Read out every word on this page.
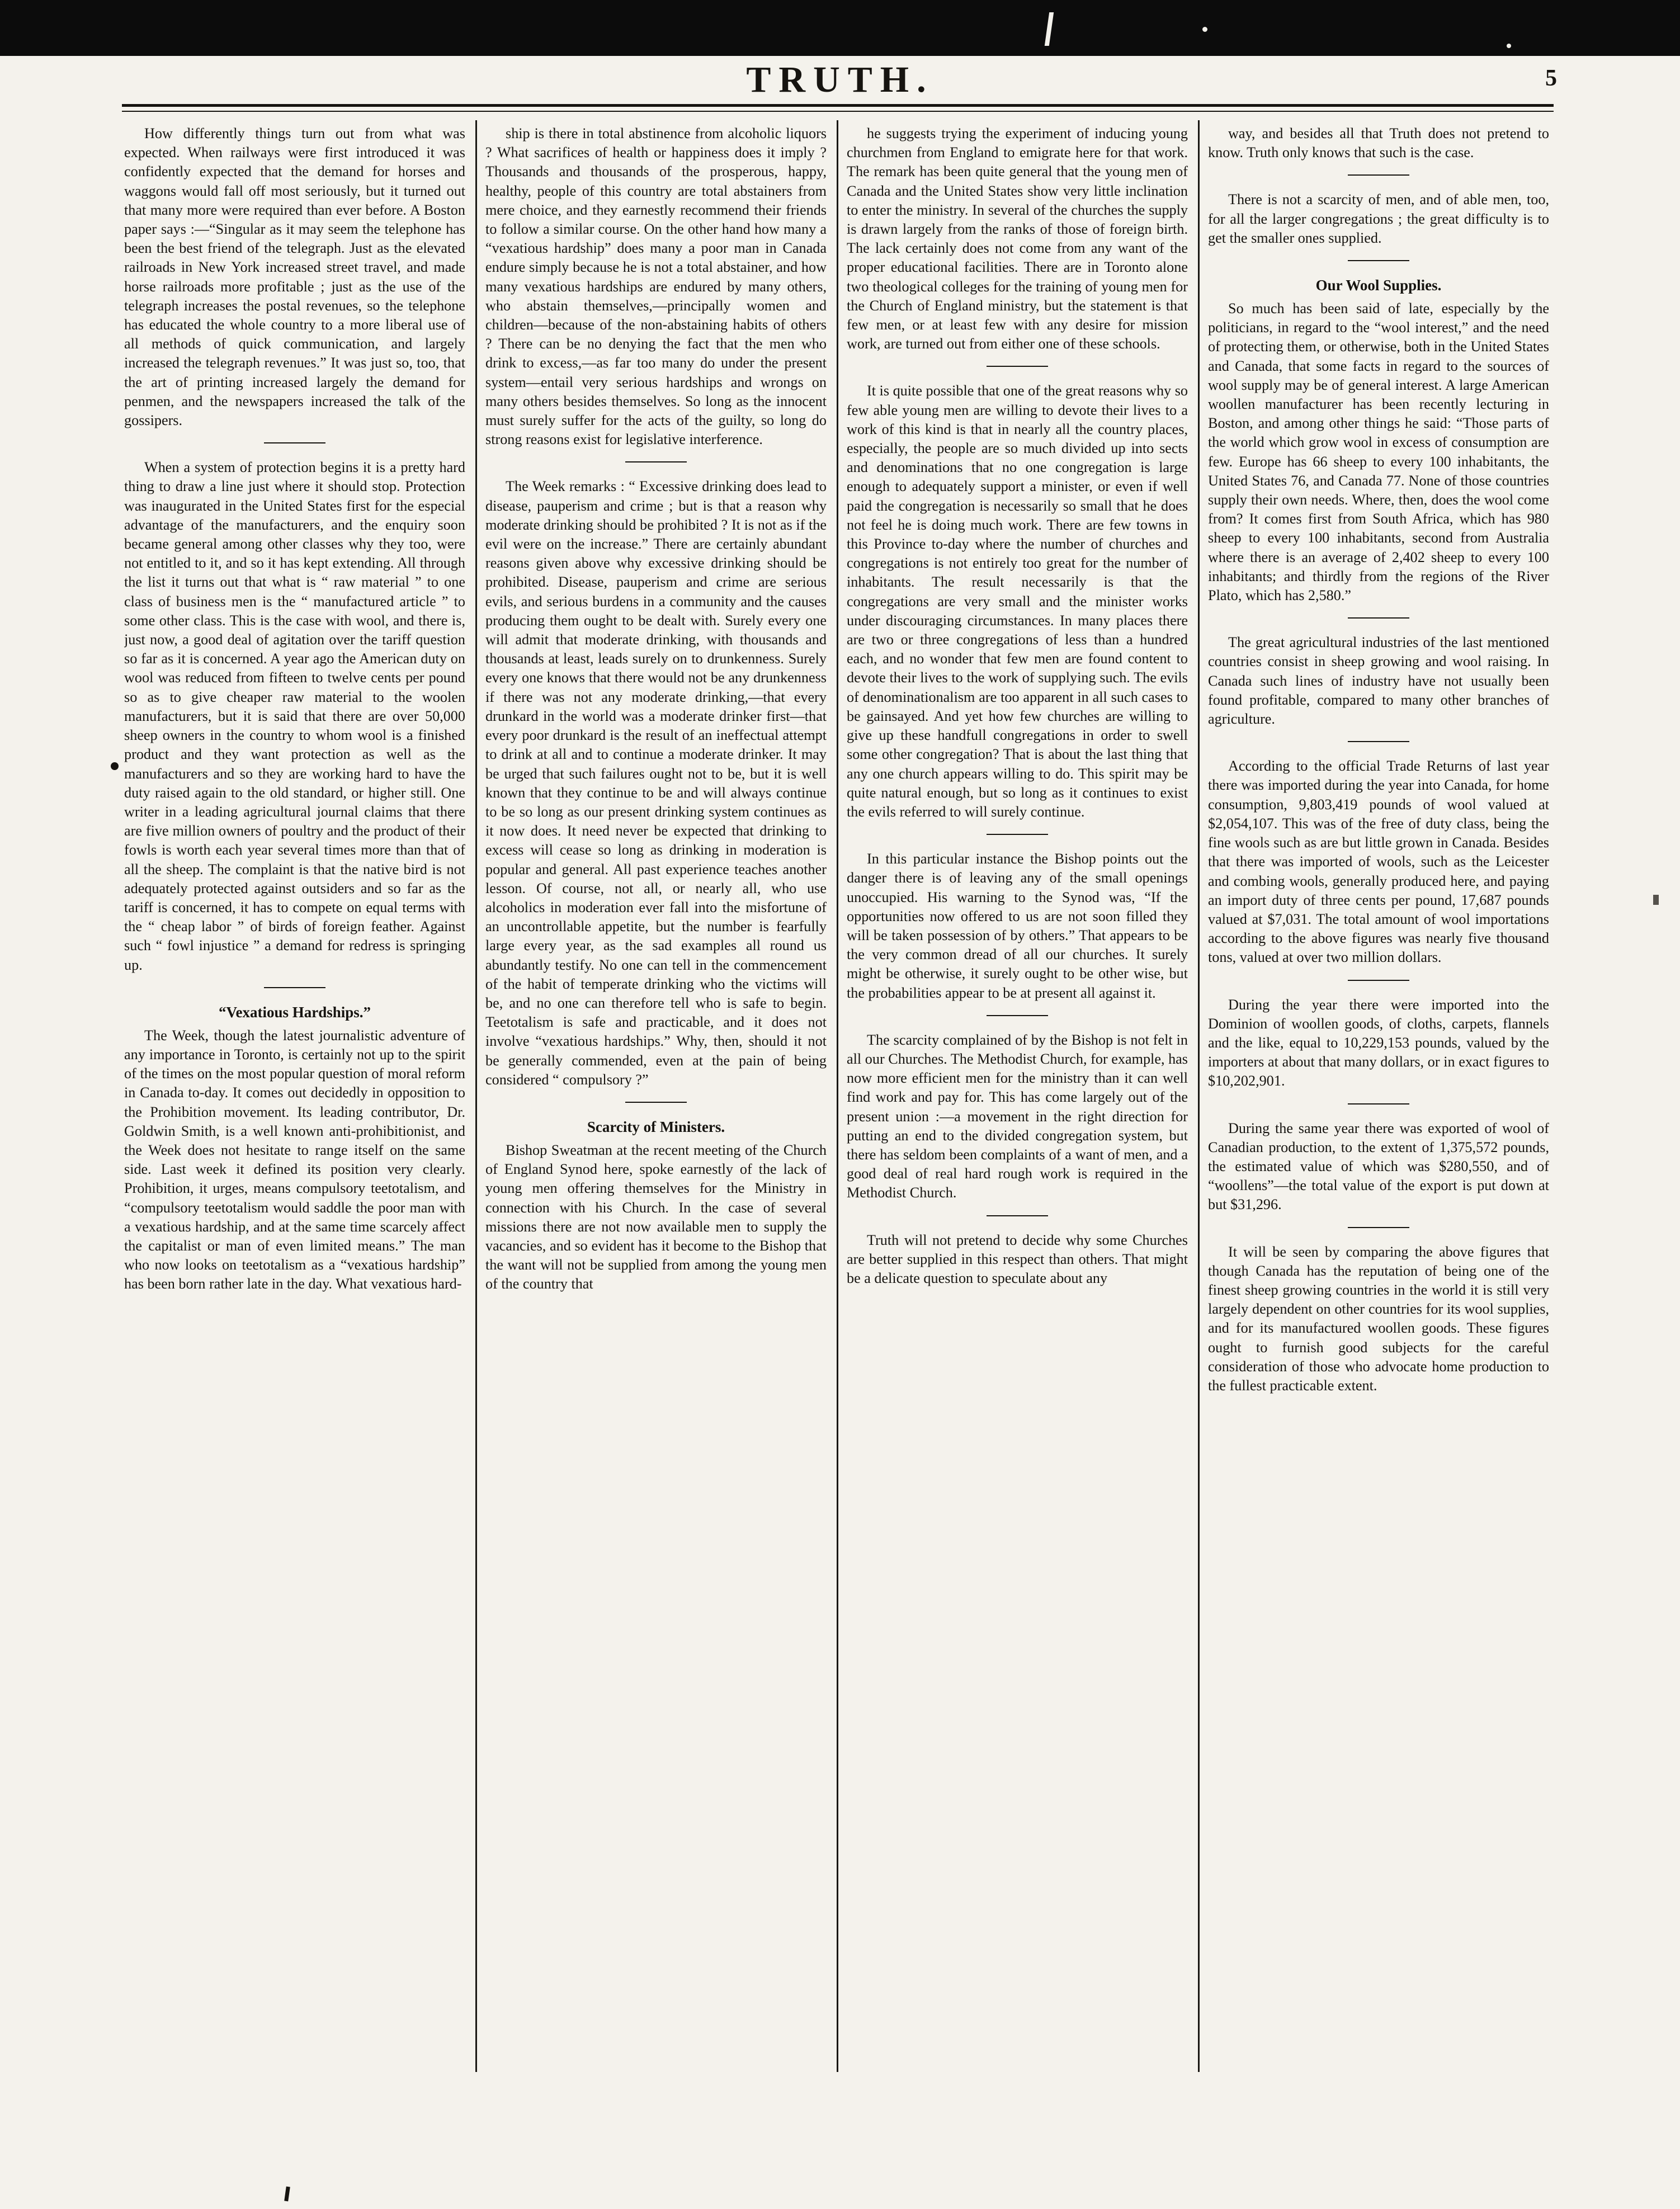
TRUTH.	5

How differently things turn out from what was expected. When railways were first introduced it was confidently expected that the demand for horses and waggons would fall off most seriously, but it turned out that many more were required than ever before. A Boston paper says :—“Singular as it may seem the telephone has been the best friend of the telegraph. Just as the elevated railroads in New York increased street travel, and made horse railroads more profitable ; just as the use of the telegraph increases the postal revenues, so the telephone has educated the whole country to a more liberal use of all methods of quick communication, and largely increased the telegraph revenues.” It was just so, too, that the art of printing increased largely the demand for penmen, and the newspapers increased the talk of the gossipers.

When a system of protection begins it is a pretty hard thing to draw a line just where it should stop. Protection was inaugurated in the United States first for the especial advantage of the manufacturers, and the enquiry soon became general among other classes why they too, were not entitled to it, and so it has kept extending. All through the list it turns out that what is “ raw material ” to one class of business men is the “ manufactured article ” to some other class. This is the case with wool, and there is, just now, a good deal of agitation over the tariff question so far as it is concerned. A year ago the American duty on wool was reduced from fifteen to twelve cents per pound so as to give cheaper raw material to the woolen manufacturers, but it is said that there are over 50,000 sheep owners in the country to whom wool is a finished product and they want protection as well as the manufacturers and so they are working hard to have the duty raised again to the old standard, or higher still. One writer in a leading agricultural journal claims that there are five million owners of poultry and the product of their fowls is worth each year several times more than that of all the sheep. The complaint is that the native bird is not adequately protected against outsiders and so far as the tariff is concerned, it has to compete on equal terms with the “ cheap labor ” of birds of foreign feather. Against such “ fowl injustice ” a demand for redress is springing up.

“Vexatious Hardships.”

The Week, though the latest journalistic adventure of any importance in Toronto, is certainly not up to the spirit of the times on the most popular question of moral reform in Canada to-day. It comes out decidedly in opposition to the Prohibition movement. Its leading contributor, Dr. Goldwin Smith, is a well known anti-prohibitionist, and the Week does not hesitate to range itself on the same side. Last week it defined its position very clearly. Prohibition, it urges, means compulsory teetotalism, and “compulsory teetotalism would saddle the poor man with a vexatious hardship, and at the same time scarcely affect the capitalist or man of even limited means.” The man who now looks on teetotalism as a “vexatious hardship” has been born rather late in the day. What vexatious hard-

ship is there in total abstinence from alcoholic liquors ? What sacrifices of health or happiness does it imply ? Thousands and thousands of the prosperous, happy, healthy, people of this country are total abstainers from mere choice, and they earnestly recommend their friends to follow a similar course. On the other hand how many a “vexatious hardship” does many a poor man in Canada endure simply because he is not a total abstainer, and how many vexatious hardships are endured by many others, who abstain themselves,—principally women and children—because of the non-abstaining habits of others ? There can be no denying the fact that the men who drink to excess,—as far too many do under the present system—entail very serious hardships and wrongs on many others besides themselves. So long as the innocent must surely suffer for the acts of the guilty, so long do strong reasons exist for legislative interference.

The Week remarks : “ Excessive drinking does lead to disease, pauperism and crime ; but is that a reason why moderate drinking should be prohibited ? It is not as if the evil were on the increase.” There are certainly abundant reasons given above why excessive drinking should be prohibited. Disease, pauperism and crime are serious evils, and serious burdens in a community and the causes producing them ought to be dealt with. Surely every one will admit that moderate drinking, with thousands and thousands at least, leads surely on to drunkenness. Surely every one knows that there would not be any drunkenness if there was not any moderate drinking,—that every drunkard in the world was a moderate drinker first—that every poor drunkard is the result of an ineffectual attempt to drink at all and to continue a moderate drinker. It may be urged that such failures ought not to be, but it is well known that they continue to be and will always continue to be so long as our present drinking system continues as it now does. It need never be expected that drinking to excess will cease so long as drinking in moderation is popular and general. All past experience teaches another lesson. Of course, not all, or nearly all, who use alcoholics in moderation ever fall into the misfortune of an uncontrollable appetite, but the number is fearfully large every year, as the sad examples all round us abundantly testify. No one can tell in the commencement of the habit of temperate drinking who the victims will be, and no one can therefore tell who is safe to begin. Teetotalism is safe and practicable, and it does not involve “vexatious hardships.” Why, then, should it not be generally commended, even at the pain of being considered “ compulsory ?”

Scarcity of Ministers.

Bishop Sweatman at the recent meeting of the Church of England Synod here, spoke earnestly of the lack of young men offering themselves for the Ministry in connection with his Church. In the case of several missions there are not now available men to supply the vacancies, and so evident has it become to the Bishop that the want will not be supplied from among the young men of the country that

he suggests trying the experiment of inducing young churchmen from England to emigrate here for that work. The remark has been quite general that the young men of Canada and the United States show very little inclination to enter the ministry. In several of the churches the supply is drawn largely from the ranks of those of foreign birth. The lack certainly does not come from any want of the proper educational facilities. There are in Toronto alone two theological colleges for the training of young men for the Church of England ministry, but the statement is that few men, or at least few with any desire for mission work, are turned out from either one of these schools.

It is quite possible that one of the great reasons why so few able young men are willing to devote their lives to a work of this kind is that in nearly all the country places, especially, the people are so much divided up into sects and denominations that no one congregation is large enough to adequately support a minister, or even if well paid the congregation is necessarily so small that he does not feel he is doing much work. There are few towns in this Province to-day where the number of churches and congregations is not entirely too great for the number of inhabitants. The result necessarily is that the congregations are very small and the minister works under discouraging circumstances. In many places there are two or three congregations of less than a hundred each, and no wonder that few men are found content to devote their lives to the work of supplying such. The evils of denominationalism are too apparent in all such cases to be gainsayed. And yet how few churches are willing to give up these handfull congregations in order to swell some other congregation? That is about the last thing that any one church appears willing to do. This spirit may be quite natural enough, but so long as it continues to exist the evils referred to will surely continue.

In this particular instance the Bishop points out the danger there is of leaving any of the small openings unoccupied. His warning to the Synod was, “If the opportunities now offered to us are not soon filled they will be taken possession of by others.” That appears to be the very common dread of all our churches. It surely might be otherwise, it surely ought to be other wise, but the probabilities appear to be at present all against it.

The scarcity complained of by the Bishop is not felt in all our Churches. The Methodist Church, for example, has now more efficient men for the ministry than it can well find work and pay for. This has come largely out of the present union :—a movement in the right direction for putting an end to the divided congregation system, but there has seldom been complaints of a want of men, and a good deal of real hard rough work is required in the Methodist Church.

Truth will not pretend to decide why some Churches are better supplied in this respect than others. That might be a delicate question to speculate about any

way, and besides all that Truth does not pretend to know. Truth only knows that such is the case.

There is not a scarcity of men, and of able men, too, for all the larger congregations ; the great difficulty is to get the smaller ones supplied.

Our Wool Supplies.

So much has been said of late, especially by the politicians, in regard to the “wool interest,” and the need of protecting them, or otherwise, both in the United States and Canada, that some facts in regard to the sources of wool supply may be of general interest. A large American woollen manufacturer has been recently lecturing in Boston, and among other things he said: “Those parts of the world which grow wool in excess of consumption are few. Europe has 66 sheep to every 100 inhabitants, the United States 76, and Canada 77. None of those countries supply their own needs. Where, then, does the wool come from? It comes first from South Africa, which has 980 sheep to every 100 inhabitants, second from Australia where there is an average of 2,402 sheep to every 100 inhabitants; and thirdly from the regions of the River Plato, which has 2,580.”

The great agricultural industries of the last mentioned countries consist in sheep growing and wool raising. In Canada such lines of industry have not usually been found profitable, compared to many other branches of agriculture.

According to the official Trade Returns of last year there was imported during the year into Canada, for home consumption, 9,803,419 pounds of wool valued at $2,054,107. This was of the free of duty class, being the fine wools such as are but little grown in Canada. Besides that there was imported of wools, such as the Leicester and combing wools, generally produced here, and paying an import duty of three cents per pound, 17,687 pounds valued at $7,031. The total amount of wool importations according to the above figures was nearly five thousand tons, valued at over two million dollars.

During the year there were imported into the Dominion of woollen goods, of cloths, carpets, flannels and the like, equal to 10,229,153 pounds, valued by the importers at about that many dollars, or in exact figures to $10,202,901.

During the same year there was exported of wool of Canadian production, to the extent of 1,375,572 pounds, the estimated value of which was $280,550, and of “woollens”—the total value of the export is put down at but $31,296.

It will be seen by comparing the above figures that though Canada has the reputation of being one of the finest sheep growing countries in the world it is still very largely dependent on other countries for its wool supplies, and for its manufactured woollen goods. These figures ought to furnish good subjects for the careful consideration of those who advocate home production to the fullest practicable extent.
